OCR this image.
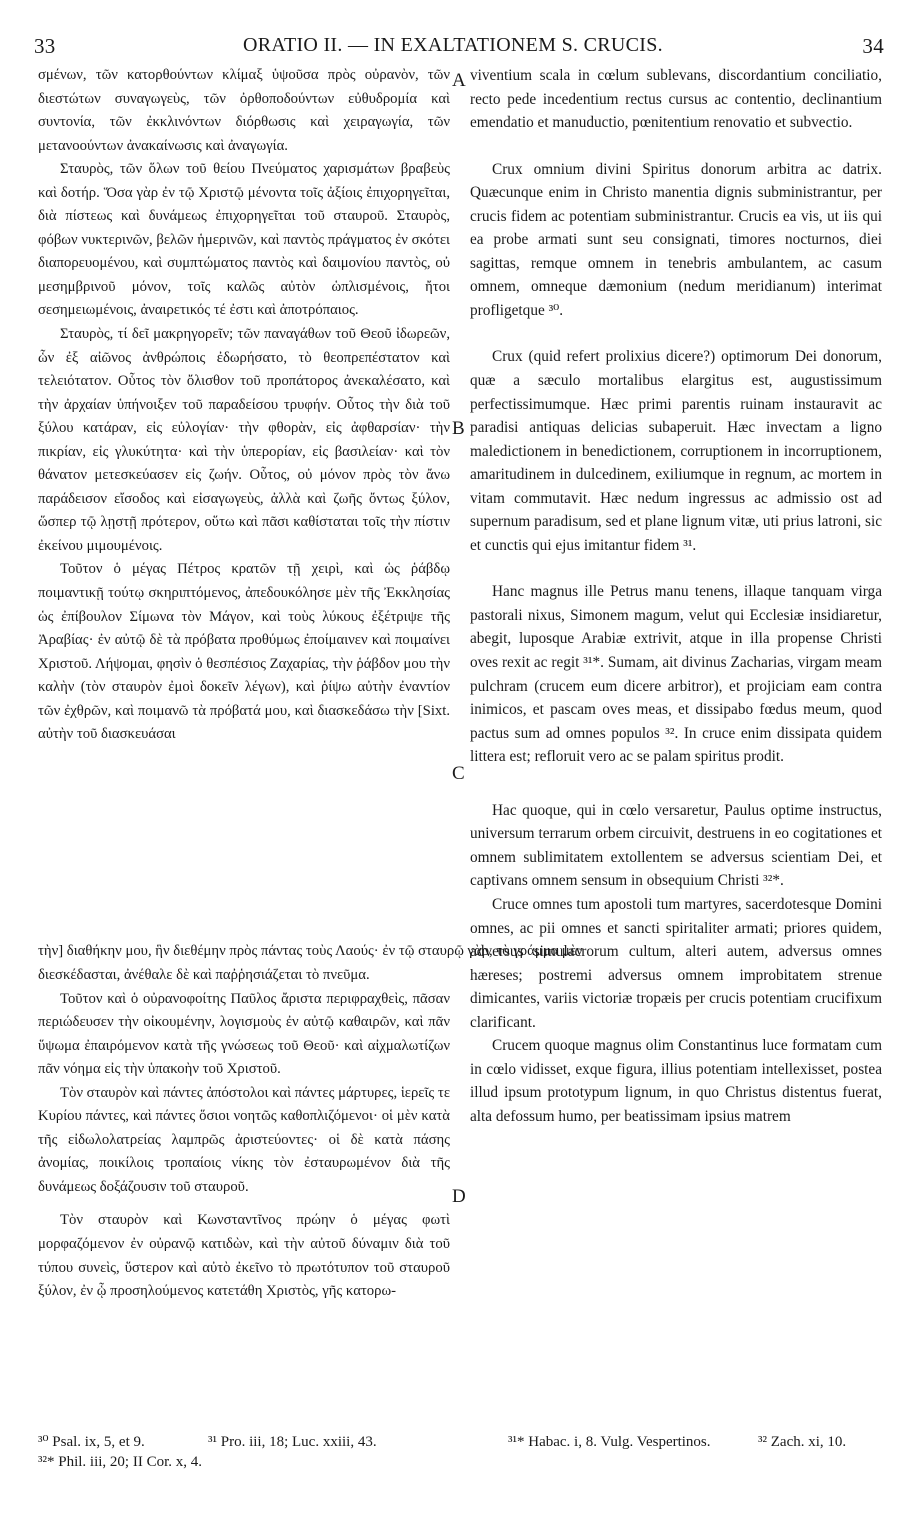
33	ORATIO II. — IN EXALTATIONEM S. CRUCIS.	34

σμένων, τῶν κατορθούντων κλίμαξ ὑψοῦσα πρὸς οὐρανὸν, τῶν διεστώτων συναγωγεὺς, τῶν ὀρθοποδούντων εὐθυδρομία καὶ συντονία, τῶν ἐκκλινόντων διόρθωσις καὶ χειραγωγία, τῶν μετανοούντων ἀνακαίνωσις καὶ ἀναγωγία.

Σταυρὸς, τῶν ὅλων τοῦ θείου Πνεύματος χαρισμάτων βραβεὺς καὶ δοτήρ. Ὅσα γὰρ ἐν τῷ Χριστῷ μένοντα τοῖς ἀξίοις ἐπιχορηγεῖται, διὰ πίστεως καὶ δυνάμεως ἐπιχορηγεῖται τοῦ σταυροῦ. Σταυρὸς, φόβων νυκτερινῶν, βελῶν ἡμερινῶν, καὶ παντὸς πράγματος ἐν σκότει διαπορευομένου, καὶ συμπτώματος παντὸς καὶ δαιμονίου παντὸς, οὐ μεσημβρινοῦ μόνον, τοῖς καλῶς αὐτὸν ὡπλισμένοις, ἤτοι σεσημειωμένοις, ἀναιρετικός τέ ἐστι καὶ ἀποτρόπαιος.

Σταυρὸς, τί δεῖ μακρηγορεῖν; τῶν παναγάθων τοῦ Θεοῦ ἰδωρεῶν, ὧν ἐξ αἰῶνος ἀνθρώποις ἐδωρήσατο, τὸ θεοπρεπέστατον καὶ τελειότατον. Οὗτος τὸν ὄλισθον τοῦ προπάτορος ἀνεκαλέσατο, καὶ τὴν ἀρχαίαν ὑπήνοιξεν τοῦ παραδείσου τρυφήν. Οὗτος τὴν διὰ τοῦ ξύλου κατάραν, εἰς εὐλογίαν· τὴν φθορὰν, εἰς ἀφθαρσίαν· τὴν πικρίαν, εἰς γλυκύτητα· καὶ τὴν ὑπερορίαν, εἰς βασιλείαν· καὶ τὸν θάνατον μετεσκεύασεν εἰς ζωήν. Οὗτος, οὐ μόνον πρὸς τὸν ἄνω παράδεισον εἴσοδος καὶ εἰσαγωγεὺς, ἀλλὰ καὶ ζωῆς ὄντως ξύλον, ὥσπερ τῷ λῃστῇ πρότερον, οὕτω καὶ πᾶσι καθίσταται τοῖς τὴν πίστιν ἐκείνου μιμουμένοις.

Τοῦτον ὁ μέγας Πέτρος κρατῶν τῇ χειρὶ, καὶ ὡς ῥάβδῳ ποιμαντικῇ τούτῳ σκηριπτόμενος, ἀπεδουκόλησε μὲν τῆς Ἐκκλησίας ὡς ἐπίβουλον Σίμωνα τὸν Μάγον, καὶ τοὺς λύκους ἐξέτριψε τῆς Ἀραβίας· ἐν αὐτῷ δὲ τὰ πρόβατα προθύμως ἐποίμαινεν καὶ ποιμαίνει Χριστοῦ. Λήψομαι, φησὶν ὁ θεσπέσιος Ζαχαρίας, τὴν ῥάβδον μου τὴν καλὴν (τὸν σταυρὸν ἐμοὶ δοκεῖν λέγων), καὶ ῥίψω αὐτὴν ἐναντίον τῶν ἐχθρῶν, καὶ ποιμανῶ τὰ πρόβατά μου, καὶ διασκεδάσω τὴν [Sixt. αὐτὴν τοῦ διασκευάσαι

τὴν] διαθήκην μου, ἣν διεθέμην πρὸς πάντας τοὺς Λαούς· ἐν τῷ σταυρῷ γὰρ, τὸ γράμμα μὲν

διεσκέδασται, ἀνέθαλε δὲ καὶ παῤῥησιάζεται τὸ πνεῦμα.

Τοῦτον καὶ ὁ οὐρανοφοίτης Παῦλος ἄριστα περιφραχθεὶς, πᾶσαν περιώδευσεν τὴν οἰκουμένην, λογισμοὺς ἐν αὐτῷ καθαιρῶν, καὶ πᾶν ὕψωμα ἐπαιρόμενον κατὰ τῆς γνώσεως τοῦ Θεοῦ· καὶ αἰχμαλωτίζων πᾶν νόημα εἰς τὴν ὑπακοὴν τοῦ Χριστοῦ.

Τὸν σταυρὸν καὶ πάντες ἀπόστολοι καὶ πάντες μάρτυρες, ἱερεῖς τε Κυρίου πάντες, καὶ πάντες ὅσιοι νοητῶς καθοπλιζόμενοι· οἱ μὲν κατὰ τῆς εἰδωλολατρείας λαμπρῶς ἀριστεύοντες· οἱ δὲ κατὰ πάσης ἀνομίας, ποικίλοις τροπαίοις νίκης τὸν ἐσταυρωμένον διὰ τῆς δυνάμεως δοξάζουσιν τοῦ σταυροῦ.

Τὸν σταυρὸν καὶ Κωνσταντῖνος πρώην ὁ μέγας φωτὶ μορφαζόμενον ἐν οὐρανῷ κατιδὼν, καὶ τὴν αὐτοῦ δύναμιν διὰ τοῦ τύπου συνεὶς, ὕστερον καὶ αὐτὸ ἐκεῖνο τὸ πρωτότυπον τοῦ σταυροῦ ξύλον, ἐν ᾧ προσηλούμενος κατετάθη Χριστὸς, γῆς κατορω-

viventium scala in cœlum sublevans, discordantium conciliatio, recto pede incedentium rectus cursus ac contentio, declinantium emendatio et manuductio, pœnitentium renovatio et subvectio.

Crux omnium divini Spiritus donorum arbitra ac datrix. Quæcunque enim in Christo manentia dignis subministrantur, per crucis fidem ac potentiam subministrantur. Crucis ea vis, ut iis qui ea probe armati sunt seu consignati, timores nocturnos, diei sagittas, remque omnem in tenebris ambulantem, ac casum omnem, omneque dæmonium (nedum meridianum) interimat profligetque ³⁰.

Crux (quid refert prolixius dicere?) optimorum Dei donorum, quæ a sæculo mortalibus elargitus est, augustissimum perfectissimumque. Hæc primi parentis ruinam instauravit ac paradisi antiquas delicias subaperuit. Hæc invectam a ligno maledictionem in benedictionem, corruptionem in incorruptionem, amaritudinem in dulcedinem, exiliumque in regnum, ac mortem in vitam commutavit. Hæc nedum ingressus ac admissio ost ad supernum paradisum, sed et plane lignum vitæ, uti prius latroni, sic et cunctis qui ejus imitantur fidem ³¹.

Hanc magnus ille Petrus manu tenens, illaque tanquam virga pastorali nixus, Simonem magum, velut qui Ecclesiæ insidiaretur, abegit, luposque Arabiæ extrivit, atque in illa propense Christi oves rexit ac regit ³¹*. Sumam, ait divinus Zacharias, virgam meam pulchram (crucem eum dicere arbitror), et projiciam eam contra inimicos, et pascam oves meas, et dissipabo fœdus meum, quod pactus sum ad omnes populos ³². In cruce enim dissipata quidem littera est; refloruit vero ac se palam spiritus prodit.

Hac quoque, qui in cœlo versaretur, Paulus optime instructus, universum terrarum orbem circuivit, destruens in eo cogitationes et omnem sublimitatem extollentem se adversus scientiam Dei, et captivans omnem sensum in obsequium Christi ³²*.

Cruce omnes tum apostoli tum martyres, sacerdotesque Domini omnes, ac pii omnes et sancti spiritaliter armati; priores quidem, adversus simulacrorum cultum, alteri autem, adversus omnes hæreses; postremi adversus omnem improbitatem strenue dimicantes, variis victoriæ tropæis per crucis potentiam crucifixum clarificant.

Crucem quoque magnus olim Constantinus luce formatam cum in cœlo vidisset, exque figura, illius potentiam intellexisset, postea illud ipsum prototypum lignum, in quo Christus distentus fuerat, alta defossum humo, per beatissimam ipsius matrem

A
B
C
D
³⁰ Psal. ix, 5, et 9.	³¹ Pro. iii, 18; Luc. xxiii, 43.	³¹* Habac. i, 8. Vulg. Vespertinos.	³² Zach. xi, 10.
³²* Phil. iii, 20; II Cor. x, 4.
